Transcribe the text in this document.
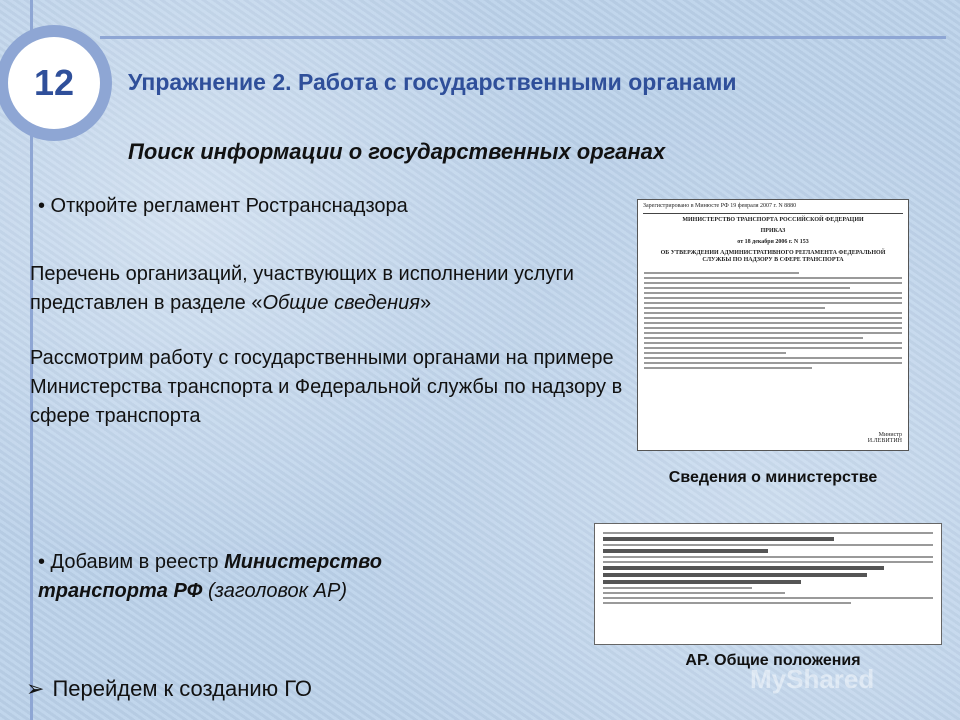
12	Упражнение 2. Работа с государственными органами
Поиск информации о государственных органах
• Откройте регламент Ространснадзора
Перечень организаций, участвующих в исполнении услуги представлен в разделе «Общие сведения»
Рассмотрим работу с государственными органами на примере Министерства транспорта и Федеральной службы по надзору в сфере транспорта
Зарегистрировано в Минюсте РФ 19 февраля 2007 г. N 8880
МИНИСТЕРСТВО ТРАНСПОРТА РОССИЙСКОЙ ФЕДЕРАЦИИ
ПРИКАЗ
от 18 декабря 2006 г. N 153
ОБ УТВЕРЖДЕНИИ АДМИНИСТРАТИВНОГО РЕГЛАМЕНТА ФЕДЕРАЛЬНОЙ СЛУЖБЫ ПО НАДЗОРУ В СФЕРЕ ТРАНСПОРТА
Министр
И.ЛЕВИТИН
Сведения о министерстве
• Добавим в реестр Министерство транспорта РФ (заголовок АР)
АР. Общие положения
➢ Перейдем к созданию ГО	MyShared
